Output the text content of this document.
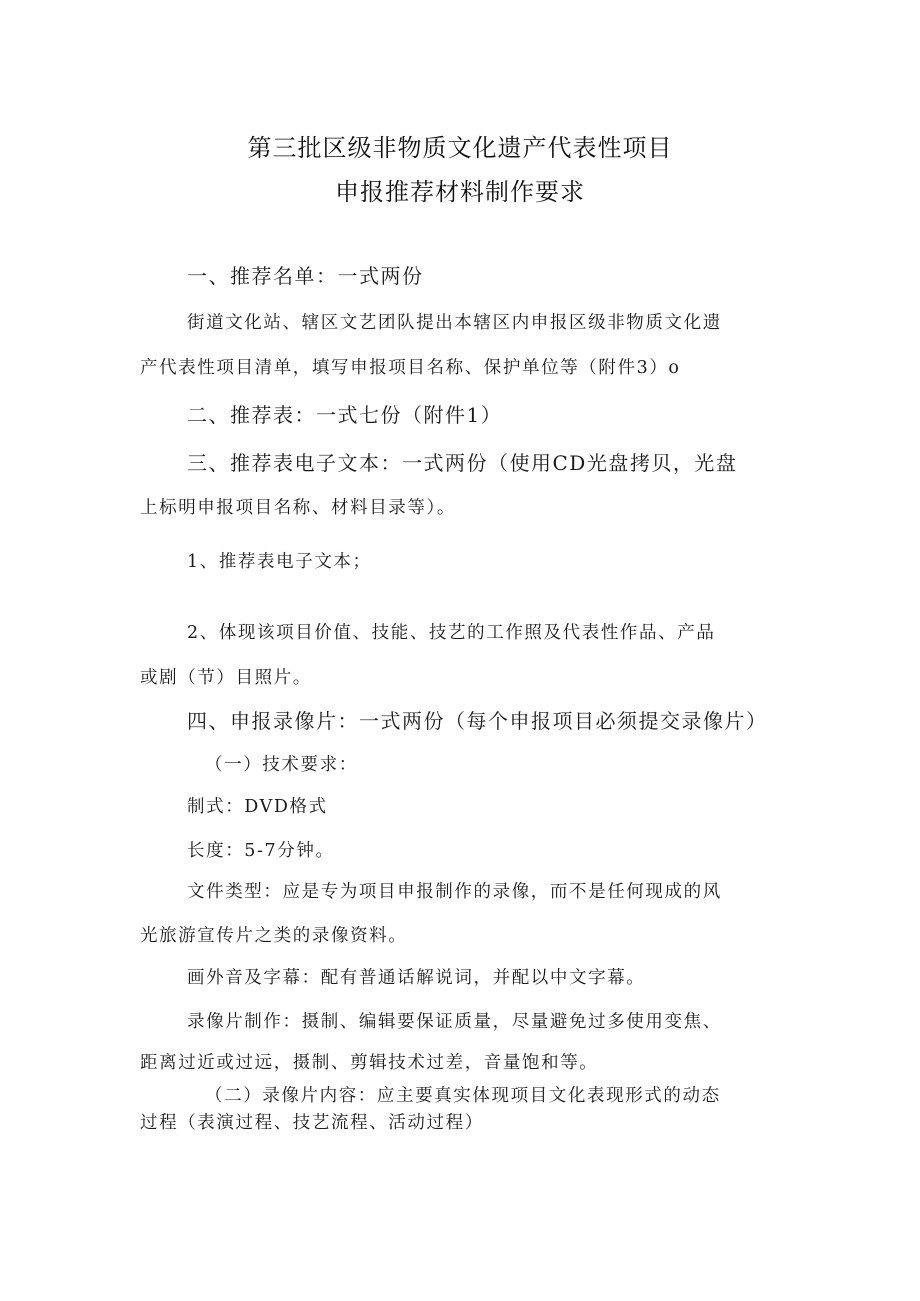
第三批区级非物质文化遗产代表性项目
申报推荐材料制作要求

一、推荐名单：一式两份

街道文化站、辖区文艺团队提出本辖区内申报区级非物质文化遗

产代表性项目清单，填写申报项目名称、保护单位等（附件3）o

二、推荐表：一式七份（附件1）

三、推荐表电子文本：一式两份（使用CD光盘拷贝，光盘

上标明申报项目名称、材料目录等）。

1、推荐表电子文本；

2、体现该项目价值、技能、技艺的工作照及代表性作品、产品

或剧（节）目照片。

四、申报录像片：一式两份（每个申报项目必须提交录像片）

（一）技术要求：

制式：DVD格式

长度：5-7分钟。

文件类型：应是专为项目申报制作的录像，而不是任何现成的风

光旅游宣传片之类的录像资料。

画外音及字幕：配有普通话解说词，并配以中文字幕。

录像片制作：摄制、编辑要保证质量，尽量避免过多使用变焦、

距离过近或过远，摄制、剪辑技术过差，音量饱和等。

（二）录像片内容：应主要真实体现项目文化表现形式的动态

过程（表演过程、技艺流程、活动过程）
